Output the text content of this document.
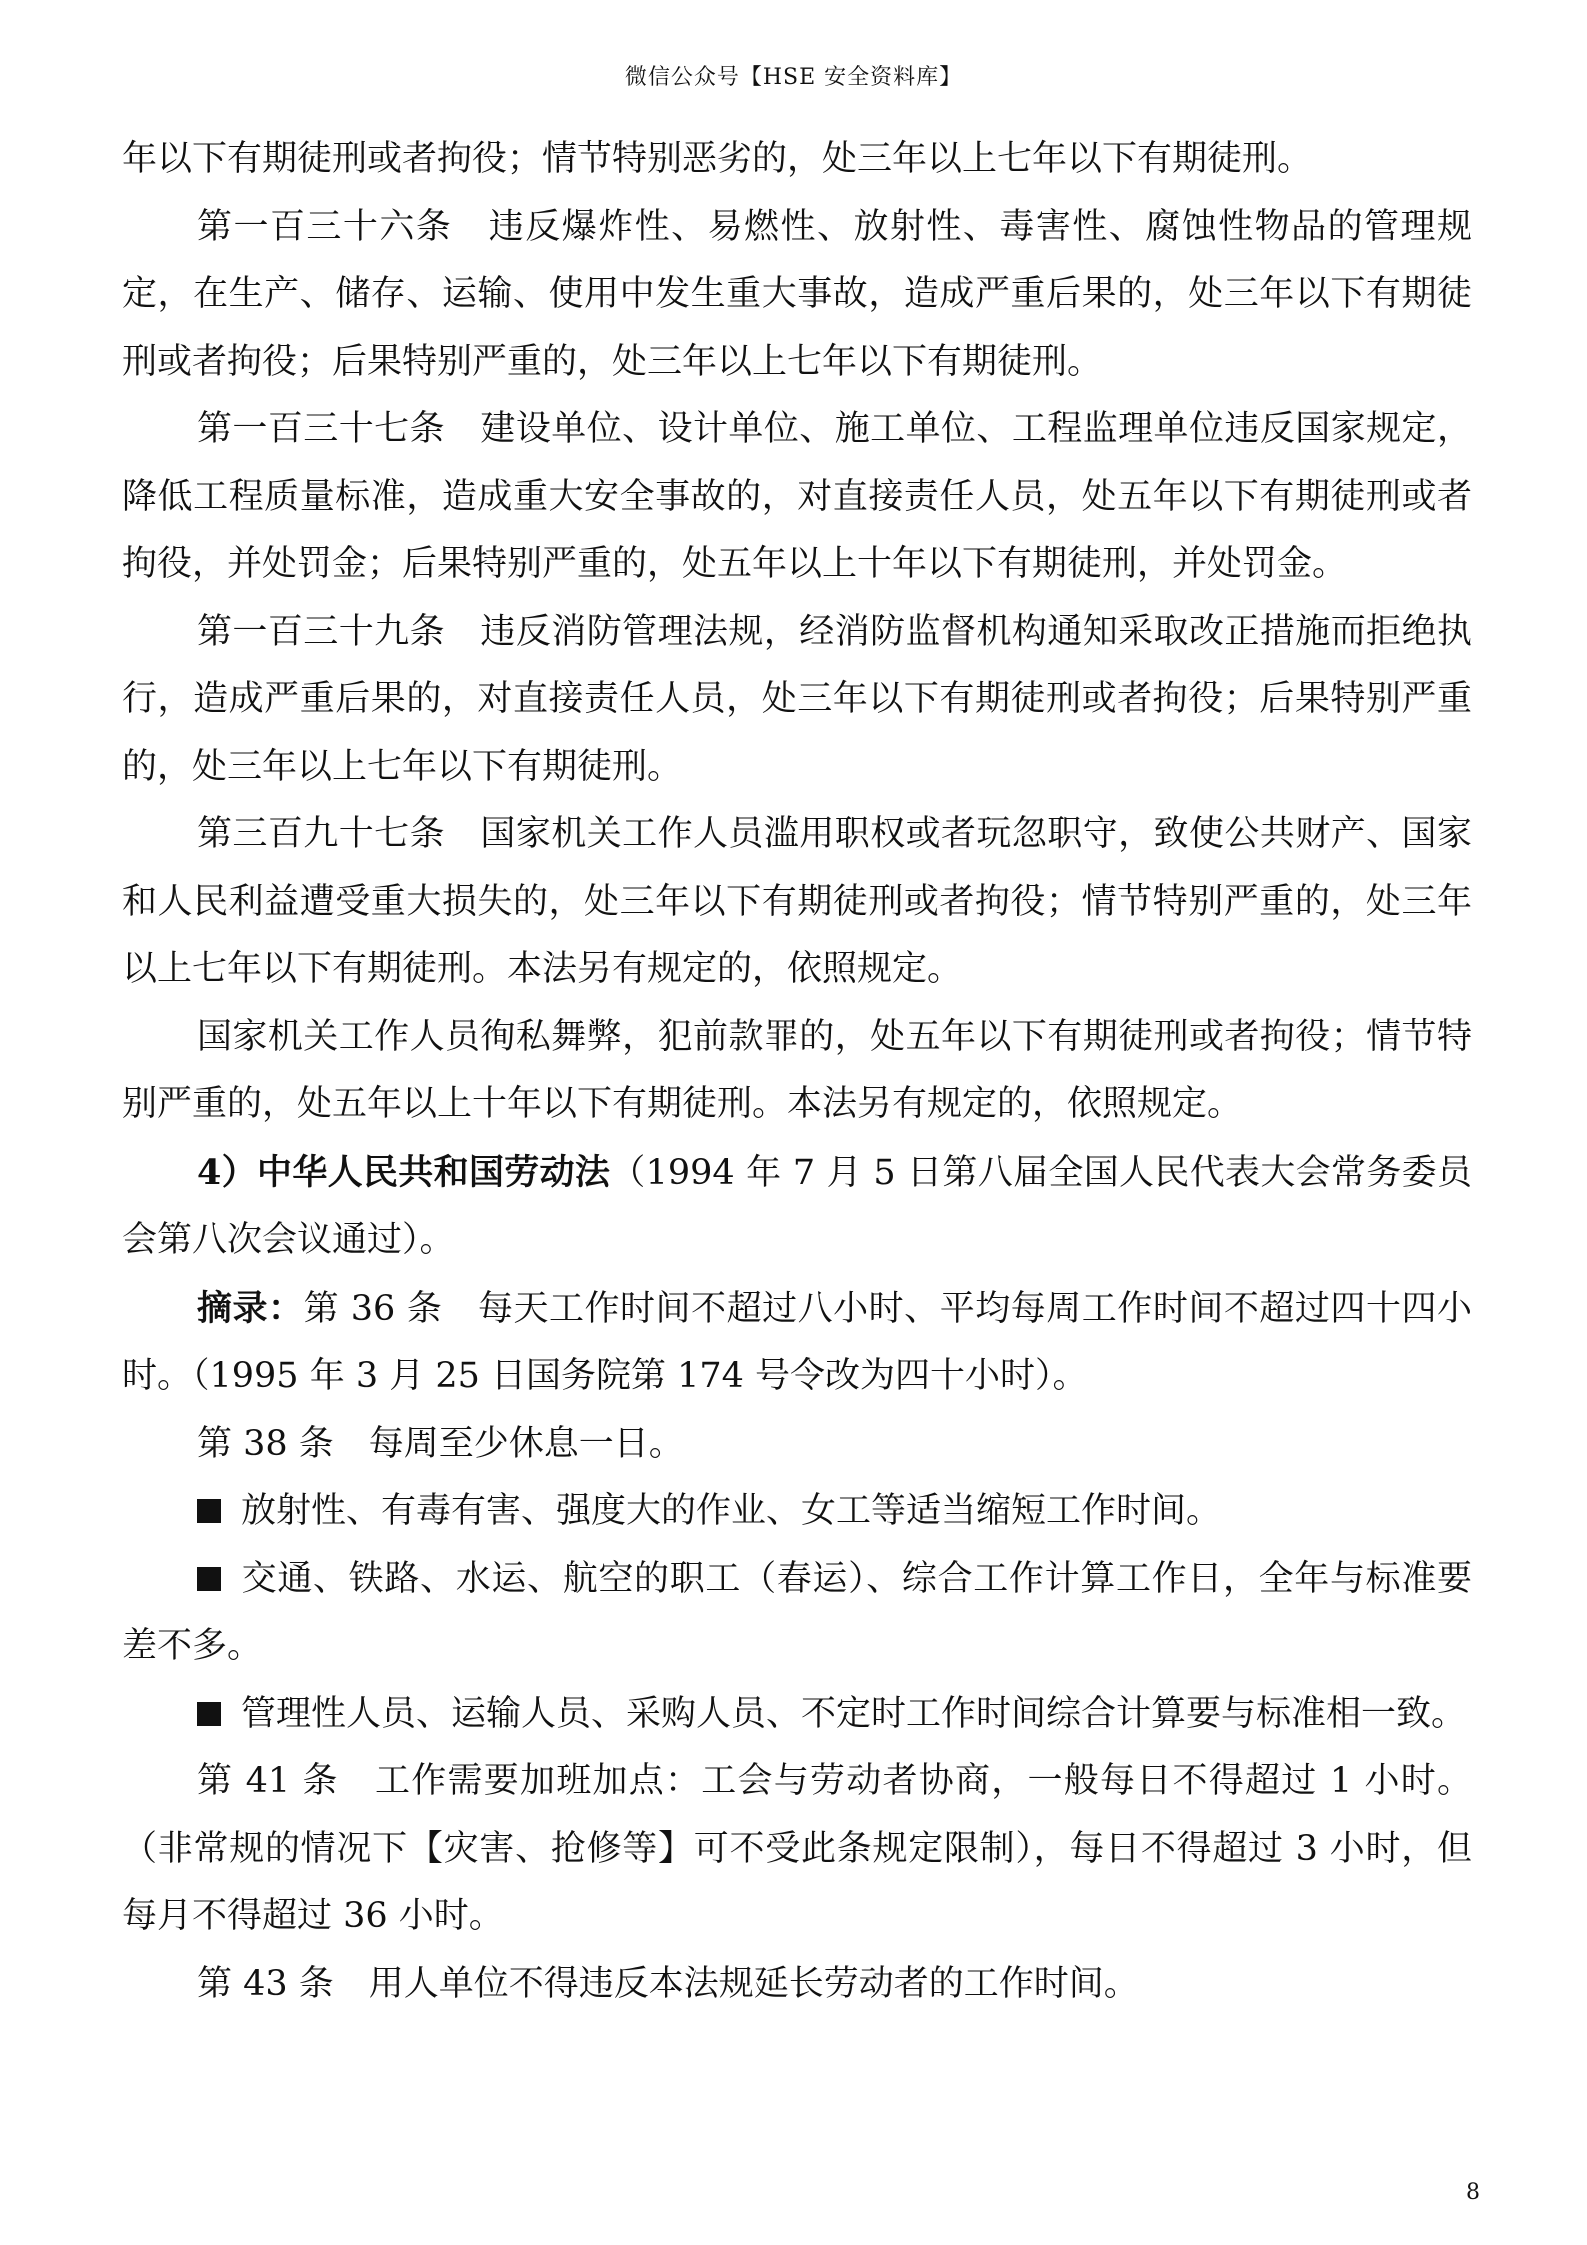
微信公众号【HSE 安全资料库】

年以下有期徒刑或者拘役；情节特别恶劣的，处三年以上七年以下有期徒刑。

第一百三十六条　违反爆炸性、易燃性、放射性、毒害性、腐蚀性物品的管理规定，在生产、储存、运输、使用中发生重大事故，造成严重后果的，处三年以下有期徒刑或者拘役；后果特别严重的，处三年以上七年以下有期徒刑。

第一百三十七条　建设单位、设计单位、施工单位、工程监理单位违反国家规定，降低工程质量标准，造成重大安全事故的，对直接责任人员，处五年以下有期徒刑或者拘役，并处罚金；后果特别严重的，处五年以上十年以下有期徒刑，并处罚金。

第一百三十九条　违反消防管理法规，经消防监督机构通知采取改正措施而拒绝执行，造成严重后果的，对直接责任人员，处三年以下有期徒刑或者拘役；后果特别严重的，处三年以上七年以下有期徒刑。

第三百九十七条　国家机关工作人员滥用职权或者玩忽职守，致使公共财产、国家和人民利益遭受重大损失的，处三年以下有期徒刑或者拘役；情节特别严重的，处三年以上七年以下有期徒刑。本法另有规定的，依照规定。

国家机关工作人员徇私舞弊，犯前款罪的，处五年以下有期徒刑或者拘役；情节特别严重的，处五年以上十年以下有期徒刑。本法另有规定的，依照规定。

4）中华人民共和国劳动法（1994 年 7 月 5 日第八届全国人民代表大会常务委员会第八次会议通过）。

摘录：第 36 条　每天工作时间不超过八小时、平均每周工作时间不超过四十四小时。（1995 年 3 月 25 日国务院第 174 号令改为四十小时）。

第 38 条　每周至少休息一日。

放射性、有毒有害、强度大的作业、女工等适当缩短工作时间。

交通、铁路、水运、航空的职工（春运）、综合工作计算工作日，全年与标准要差不多。

管理性人员、运输人员、采购人员、不定时工作时间综合计算要与标准相一致。

第 41 条　工作需要加班加点：工会与劳动者协商，一般每日不得超过 1 小时。（非常规的情况下【灾害、抢修等】可不受此条规定限制），每日不得超过 3 小时，但每月不得超过 36 小时。

第 43 条　用人单位不得违反本法规延长劳动者的工作时间。

8
